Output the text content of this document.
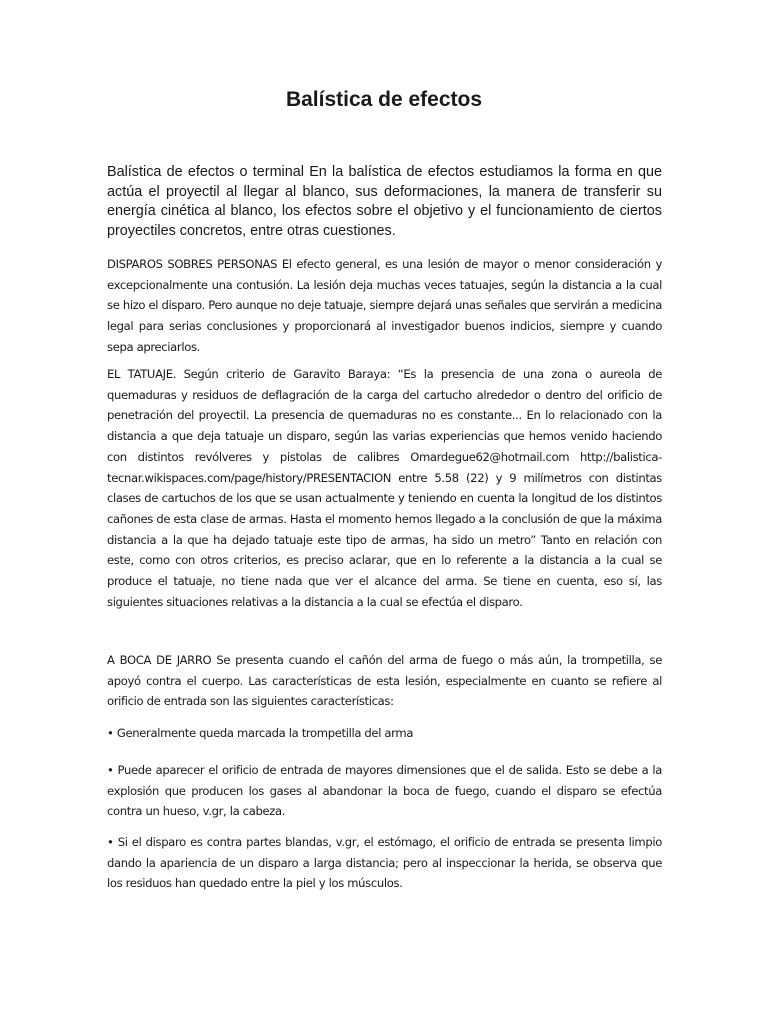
Balística de efectos
Balística de efectos o terminal En la balística de efectos estudiamos la forma en que actúa el proyectil al llegar al blanco, sus deformaciones, la manera de transferir su energía cinética al blanco, los efectos sobre el objetivo y el funcionamiento de ciertos proyectiles concretos, entre otras cuestiones.
DISPAROS SOBRES PERSONAS El efecto general, es una lesión de mayor o menor consideración y excepcionalmente una contusión. La lesión deja muchas veces tatuajes, según la distancia a la cual se hizo el disparo. Pero aunque no deje tatuaje, siempre dejará unas señales que servirán a medicina legal para serias conclusiones y proporcionará al investigador buenos indicios, siempre y cuando sepa apreciarlos.
EL TATUAJE. Según criterio de Garavito Baraya: “Es la presencia de una zona o aureola de quemaduras y residuos de deflagración de la carga del cartucho alrededor o dentro del orificio de penetración del proyectil. La presencia de quemaduras no es constante... En lo relacionado con la distancia a que deja tatuaje un disparo, según las varias experiencias que hemos venido haciendo con distintos revólveres y pistolas de calibres Omardegue62@hotmail.com http://balistica-tecnar.wikispaces.com/page/history/PRESENTACION entre 5.58 (22) y 9 milímetros con distintas clases de cartuchos de los que se usan actualmente y teniendo en cuenta la longitud de los distintos cañones de esta clase de armas. Hasta el momento hemos llegado a la conclusión de que la máxima distancia a la que ha dejado tatuaje este tipo de armas, ha sido un metro” Tanto en relación con este, como con otros criterios, es preciso aclarar, que en lo referente a la distancia a la cual se produce el tatuaje, no tiene nada que ver el alcance del arma. Se tiene en cuenta, eso sí, las siguientes situaciones relativas a la distancia a la cual se efectúa el disparo.
A BOCA DE JARRO Se presenta cuando el cañón del arma de fuego o más aún, la trompetilla, se apoyó contra el cuerpo. Las características de esta lesión, especialmente en cuanto se refiere al orificio de entrada son las siguientes características:
• Generalmente queda marcada la trompetilla del arma
• Puede aparecer el orificio de entrada de mayores dimensiones que el de salida. Esto se debe a la explosión que producen los gases al abandonar la boca de fuego, cuando el disparo se efectúa contra un hueso, v.gr, la cabeza.
• Si el disparo es contra partes blandas, v.gr, el estómago, el orificio de entrada se presenta limpio dando la apariencia de un disparo a larga distancia; pero al inspeccionar la herida, se observa que los residuos han quedado entre la piel y los músculos.
